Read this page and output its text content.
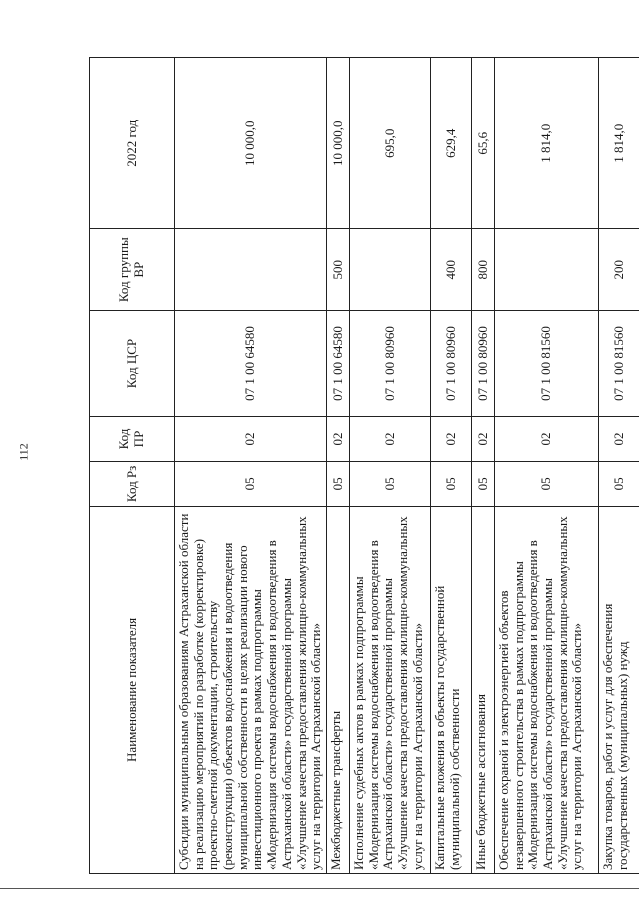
112
Наименование показателя	Код Рз	Код ПР	Код ЦСР	Код группы ВР	2022 год
Субсидии муниципальным образованиям Астраханской области на реализацию мероприятий по разработке (корректировке) проектно-сметной документации, строительству (реконструкции) объектов водоснабжения и водоотведения муниципальной собственности в целях реализации нового инвестиционного проекта в рамках подпрограммы «Модернизация системы водоснабжения и водоотведения в Астраханской области» государственной программы «Улучшение качества предоставления жилищно-коммунальных услуг на территории Астраханской области»	05	02	07 1 00 64580		10 000,0
Межбюджетные трансферты	05	02	07 1 00 64580	500	10 000,0
Исполнение судебных актов в рамках подпрограммы «Модернизация системы водоснабжения и водоотведения в Астраханской области» государственной программы «Улучшение качества предоставления жилищно-коммунальных услуг на территории Астраханской области»	05	02	07 1 00 80960		695,0
Капитальные вложения в объекты государственной (муниципальной) собственности	05	02	07 1 00 80960	400	629,4
Иные бюджетные ассигнования	05	02	07 1 00 80960	800	65,6
Обеспечение охраной и электроэнергией объектов незавершенного строительства в рамках подпрограммы «Модернизация системы водоснабжения и водоотведения в Астраханской области» государственной программы «Улучшение качества предоставления жилищно-коммунальных услуг на территории Астраханской области»	05	02	07 1 00 81560		1 814,0
Закупка товаров, работ и услуг для обеспечения государственных (муниципальных) нужд	05	02	07 1 00 81560	200	1 814,0
